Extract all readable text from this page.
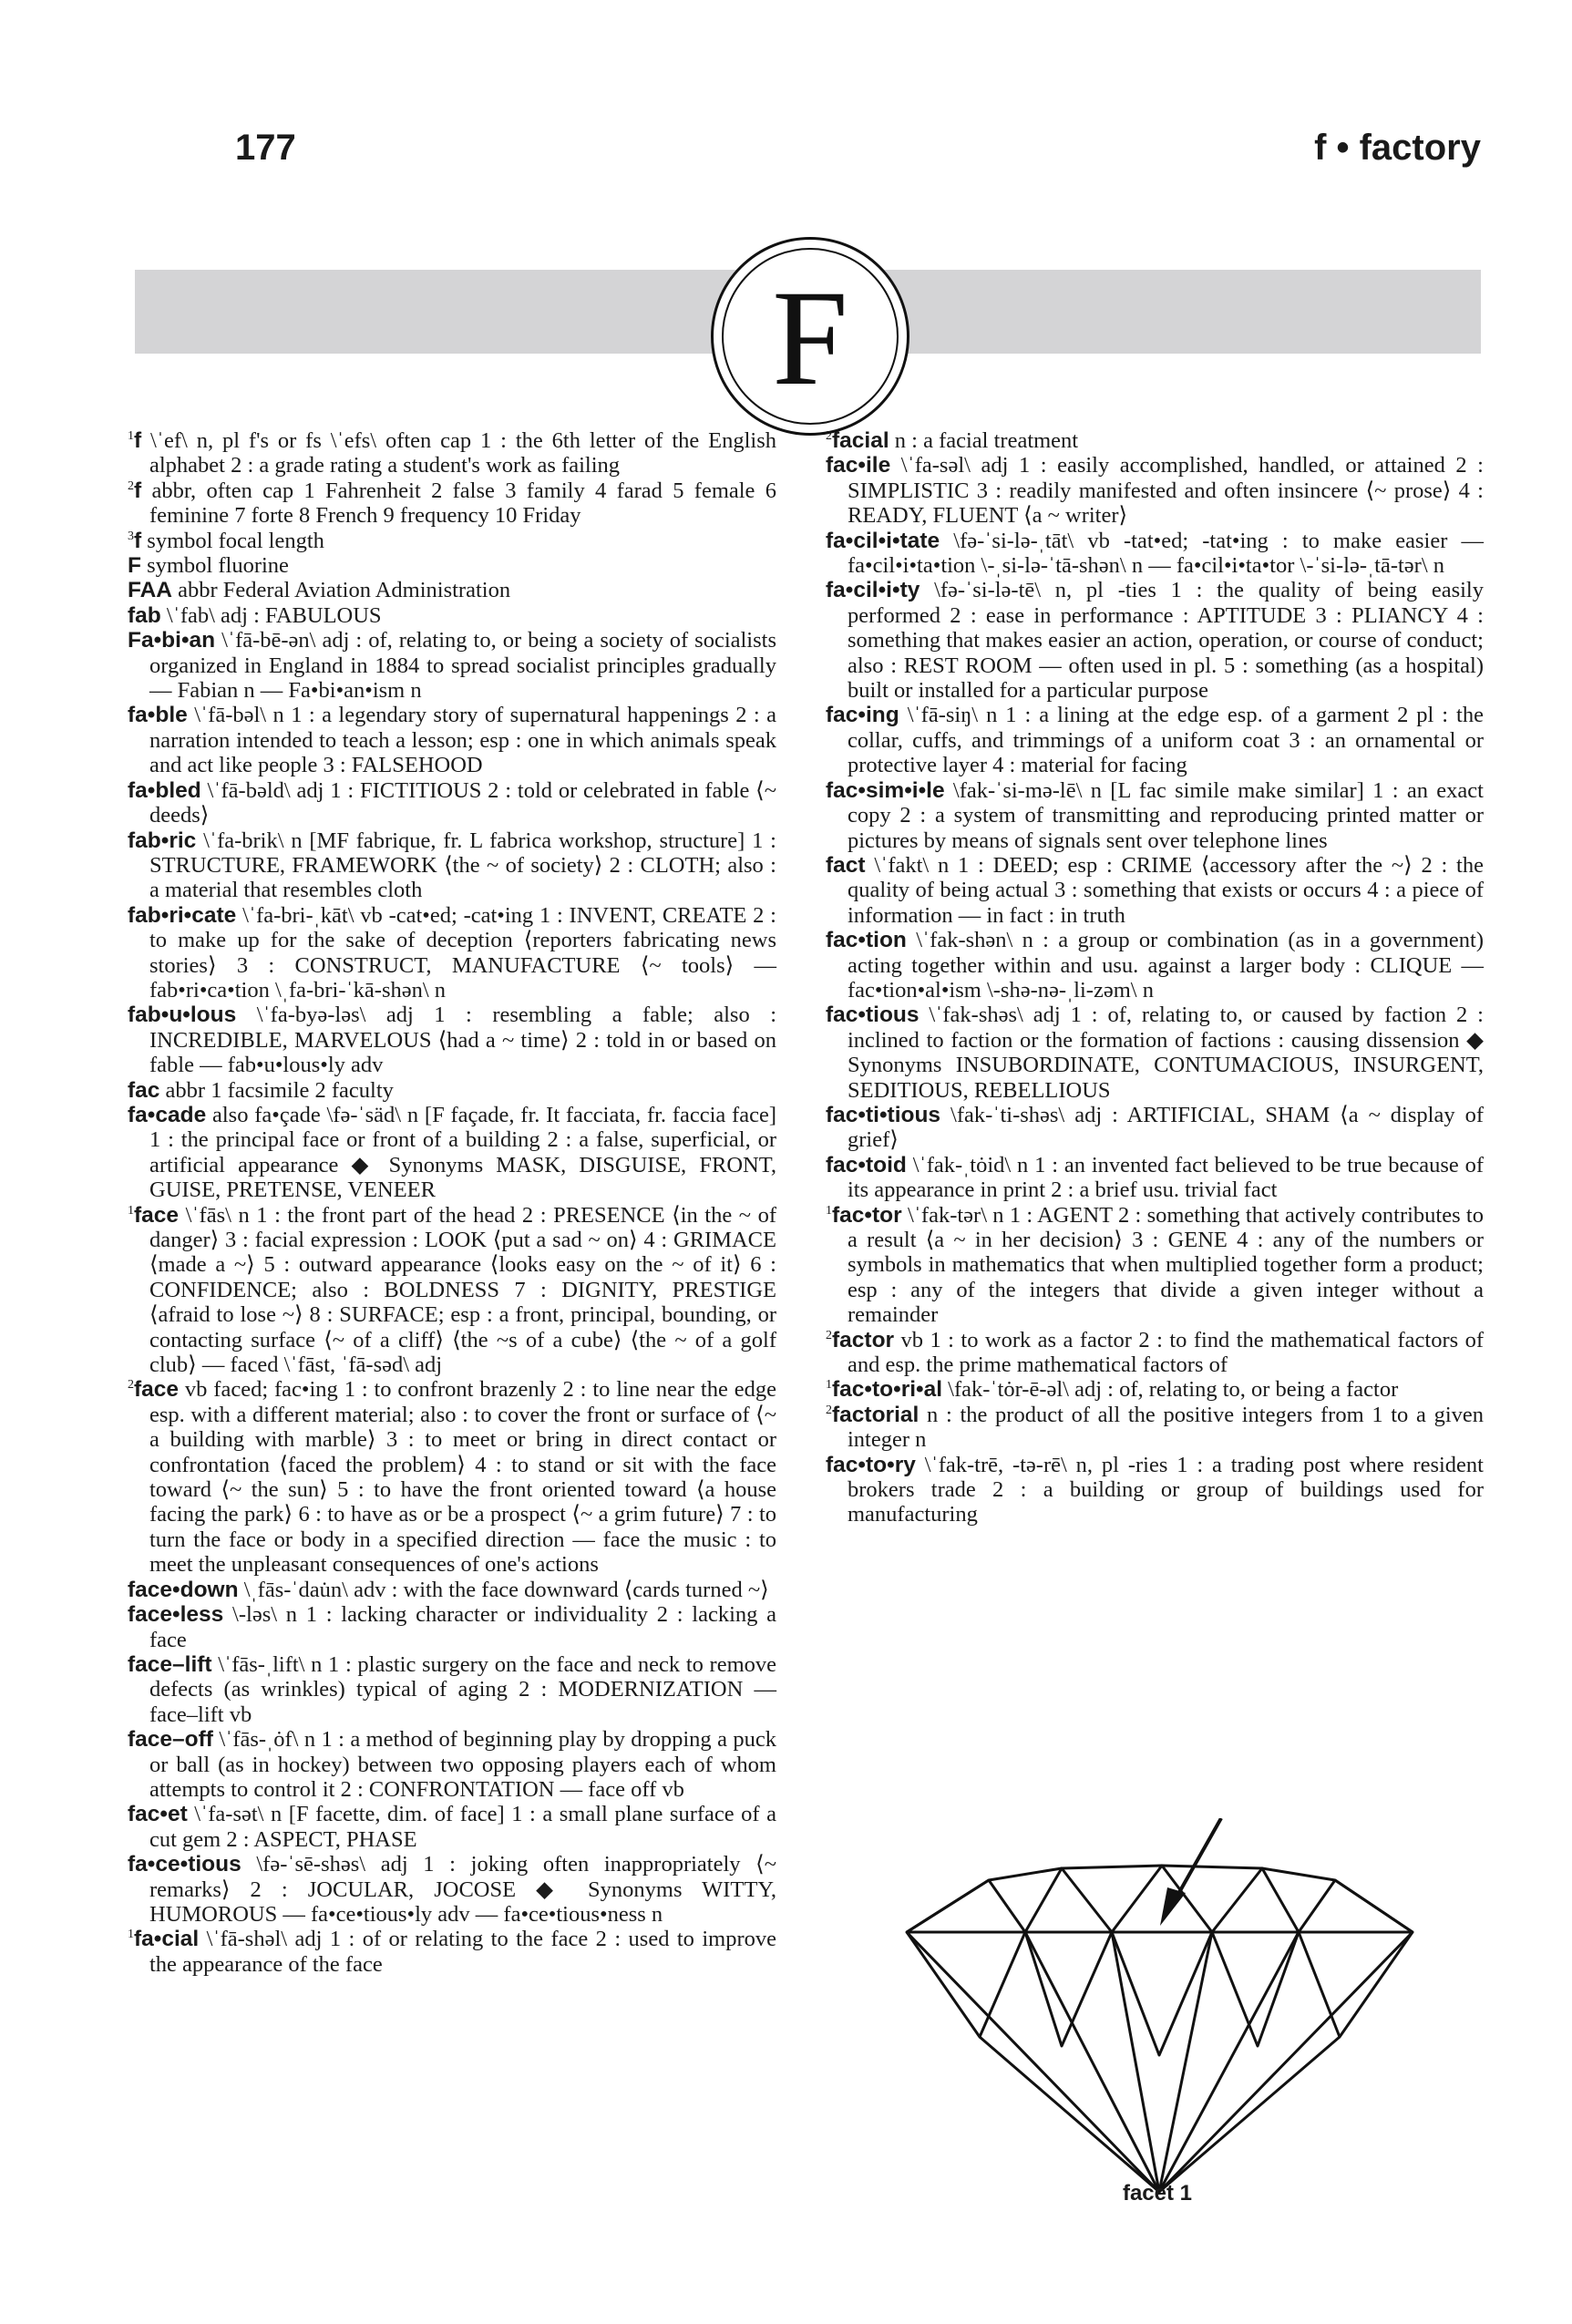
177	f • factory
F

$^1$f \ˈef\ n, pl f's or fs \ˈefs\ often cap 1 : the 6th letter of the English alphabet 2 : a grade rating a student's work as failing

$^2$f abbr, often cap 1 Fahrenheit 2 false 3 family 4 farad 5 female 6 feminine 7 forte 8 French 9 frequency 10 Friday

$^3$f symbol focal length

F symbol fluorine

FAA abbr Federal Aviation Administration

fab \ˈfab\ adj : FABULOUS

Fa•bi•an \ˈfā-bē-ən\ adj : of, relating to, or being a society of socialists organized in England in 1884 to spread socialist principles gradually — Fabian n — Fa•bi•an•ism n

fa•ble \ˈfā-bəl\ n 1 : a legendary story of supernatural happenings 2 : a narration intended to teach a lesson; esp : one in which animals speak and act like people 3 : FALSEHOOD

fa•bled \ˈfā-bəld\ adj 1 : FICTITIOUS 2 : told or celebrated in fable ⟨~ deeds⟩

fab•ric \ˈfa-brik\ n [MF fabrique, fr. L fabrica workshop, structure] 1 : STRUCTURE, FRAMEWORK ⟨the ~ of society⟩ 2 : CLOTH; also : a material that resembles cloth

fab•ri•cate \ˈfa-bri-ˌkāt\ vb -cat•ed; -cat•ing 1 : INVENT, CREATE 2 : to make up for the sake of deception ⟨reporters fabricating news stories⟩ 3 : CONSTRUCT, MANUFACTURE ⟨~ tools⟩ — fab•ri•ca•tion \ˌfa-bri-ˈkā-shən\ n

fab•u•lous \ˈfa-byə-ləs\ adj 1 : resembling a fable; also : INCREDIBLE, MARVELOUS ⟨had a ~ time⟩ 2 : told in or based on fable — fab•u•lous•ly adv

fac abbr 1 facsimile 2 faculty

fa•cade also fa•çade \fə-ˈsäd\ n [F façade, fr. It facciata, fr. faccia face] 1 : the principal face or front of a building 2 : a false, superficial, or artificial appearance ◆ Synonyms MASK, DISGUISE, FRONT, GUISE, PRETENSE, VENEER

$^1$face \ˈfās\ n 1 : the front part of the head 2 : PRESENCE ⟨in the ~ of danger⟩ 3 : facial expression : LOOK ⟨put a sad ~ on⟩ 4 : GRIMACE ⟨made a ~⟩ 5 : outward appearance ⟨looks easy on the ~ of it⟩ 6 : CONFIDENCE; also : BOLDNESS 7 : DIGNITY, PRESTIGE ⟨afraid to lose ~⟩ 8 : SURFACE; esp : a front, principal, bounding, or contacting surface ⟨~ of a cliff⟩ ⟨the ~s of a cube⟩ ⟨the ~ of a golf club⟩ — faced \ˈfāst, ˈfā-səd\ adj

$^2$face vb faced; fac•ing 1 : to confront brazenly 2 : to line near the edge esp. with a different material; also : to cover the front or surface of ⟨~ a building with marble⟩ 3 : to meet or bring in direct contact or confrontation ⟨faced the problem⟩ 4 : to stand or sit with the face toward ⟨~ the sun⟩ 5 : to have the front oriented toward ⟨a house facing the park⟩ 6 : to have as or be a prospect ⟨~ a grim future⟩ 7 : to turn the face or body in a specified direction — face the music : to meet the unpleasant consequences of one's actions

face•down \ˌfās-ˈdau̇n\ adv : with the face downward ⟨cards turned ~⟩

face•less \-ləs\ n 1 : lacking character or individuality 2 : lacking a face

face–lift \ˈfās-ˌlift\ n 1 : plastic surgery on the face and neck to remove defects (as wrinkles) typical of aging 2 : MODERNIZATION — face–lift vb

face–off \ˈfās-ˌȯf\ n 1 : a method of beginning play by dropping a puck or ball (as in hockey) between two opposing players each of whom attempts to control it 2 : CONFRONTATION — face off vb

fac•et \ˈfa-sət\ n [F facette, dim. of face] 1 : a small plane surface of a cut gem 2 : ASPECT, PHASE

fa•ce•tious \fə-ˈsē-shəs\ adj 1 : joking often inappropriately ⟨~ remarks⟩ 2 : JOCULAR, JOCOSE ◆ Synonyms WITTY, HUMOROUS — fa•ce•tious•ly adv — fa•ce•tious•ness n

$^1$fa•cial \ˈfā-shəl\ adj 1 : of or relating to the face 2 : used to improve the appearance of the face

$^2$facial n : a facial treatment

fac•ile \ˈfa-səl\ adj 1 : easily accomplished, handled, or attained 2 : SIMPLISTIC 3 : readily manifested and often insincere ⟨~ prose⟩ 4 : READY, FLUENT ⟨a ~ writer⟩

fa•cil•i•tate \fə-ˈsi-lə-ˌtāt\ vb -tat•ed; -tat•ing : to make easier — fa•cil•i•ta•tion \-ˌsi-lə-ˈtā-shən\ n — fa•cil•i•ta•tor \-ˈsi-lə-ˌtā-tər\ n

fa•cil•i•ty \fə-ˈsi-lə-tē\ n, pl -ties 1 : the quality of being easily performed 2 : ease in performance : APTITUDE 3 : PLIANCY 4 : something that makes easier an action, operation, or course of conduct; also : REST ROOM — often used in pl. 5 : something (as a hospital) built or installed for a particular purpose

fac•ing \ˈfā-siŋ\ n 1 : a lining at the edge esp. of a garment 2 pl : the collar, cuffs, and trimmings of a uniform coat 3 : an ornamental or protective layer 4 : material for facing

fac•sim•i•le \fak-ˈsi-mə-lē\ n [L fac simile make similar] 1 : an exact copy 2 : a system of transmitting and reproducing printed matter or pictures by means of signals sent over telephone lines

fact \ˈfakt\ n 1 : DEED; esp : CRIME ⟨accessory after the ~⟩ 2 : the quality of being actual 3 : something that exists or occurs 4 : a piece of information — in fact : in truth

fac•tion \ˈfak-shən\ n : a group or combination (as in a government) acting together within and usu. against a larger body : CLIQUE — fac•tion•al•ism \-shə-nə-ˌli-zəm\ n

fac•tious \ˈfak-shəs\ adj 1 : of, relating to, or caused by faction 2 : inclined to faction or the formation of factions : causing dissension ◆ Synonyms INSUBORDINATE, CONTUMACIOUS, INSURGENT, SEDITIOUS, REBELLIOUS

fac•ti•tious \fak-ˈti-shəs\ adj : ARTIFICIAL, SHAM ⟨a ~ display of grief⟩

fac•toid \ˈfak-ˌtȯid\ n 1 : an invented fact believed to be true because of its appearance in print 2 : a brief usu. trivial fact

$^1$fac•tor \ˈfak-tər\ n 1 : AGENT 2 : something that actively contributes to a result ⟨a ~ in her decision⟩ 3 : GENE 4 : any of the numbers or symbols in mathematics that when multiplied together form a product; esp : any of the integers that divide a given integer without a remainder

$^2$factor vb 1 : to work as a factor 2 : to find the mathematical factors of and esp. the prime mathematical factors of

$^1$fac•to•ri•al \fak-ˈtȯr-ē-əl\ adj : of, relating to, or being a factor

$^2$factorial n : the product of all the positive integers from 1 to a given integer n

fac•to•ry \ˈfak-trē, -tə-rē\ n, pl -ries 1 : a trading post where resident brokers trade 2 : a building or group of buildings used for manufacturing

facet 1
